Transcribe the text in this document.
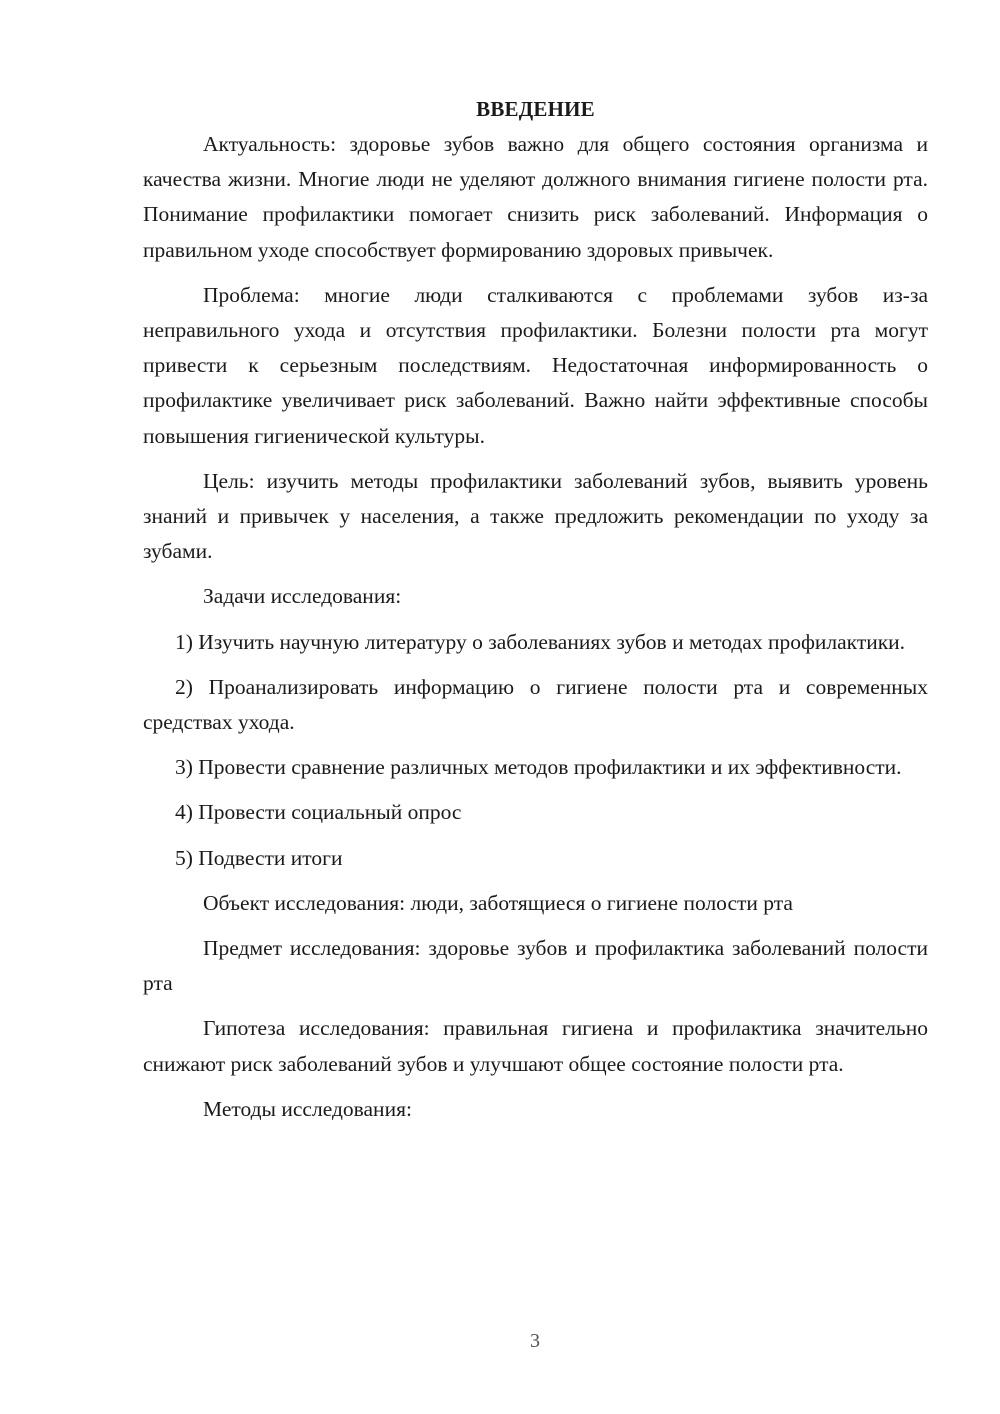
ВВЕДЕНИЕ

Актуальность: здоровье зубов важно для общего состояния организма и качества жизни. Многие люди не уделяют должного внимания гигиене полости рта. Понимание профилактики помогает снизить риск заболеваний. Информация о правильном уходе способствует формированию здоровых привычек.

Проблема: многие люди сталкиваются с проблемами зубов из-за неправильного ухода и отсутствия профилактики. Болезни полости рта могут привести к серьезным последствиям. Недостаточная информированность о профилактике увеличивает риск заболеваний. Важно найти эффективные способы повышения гигиенической культуры.

Цель: изучить методы профилактики заболеваний зубов, выявить уровень знаний и привычек у населения, а также предложить рекомендации по уходу за зубами.

Задачи исследования:

1) Изучить научную литературу о заболеваниях зубов и методах профилактики.

2) Проанализировать информацию о гигиене полости рта и современных средствах ухода.

3) Провести сравнение различных методов профилактики и их эффективности.

4) Провести социальный опрос

5) Подвести итоги

Объект исследования: люди, заботящиеся о гигиене полости рта

Предмет исследования: здоровье зубов и профилактика заболеваний полости рта

Гипотеза исследования: правильная гигиена и профилактика значительно снижают риск заболеваний зубов и улучшают общее состояние полости рта.

Методы исследования:

3
